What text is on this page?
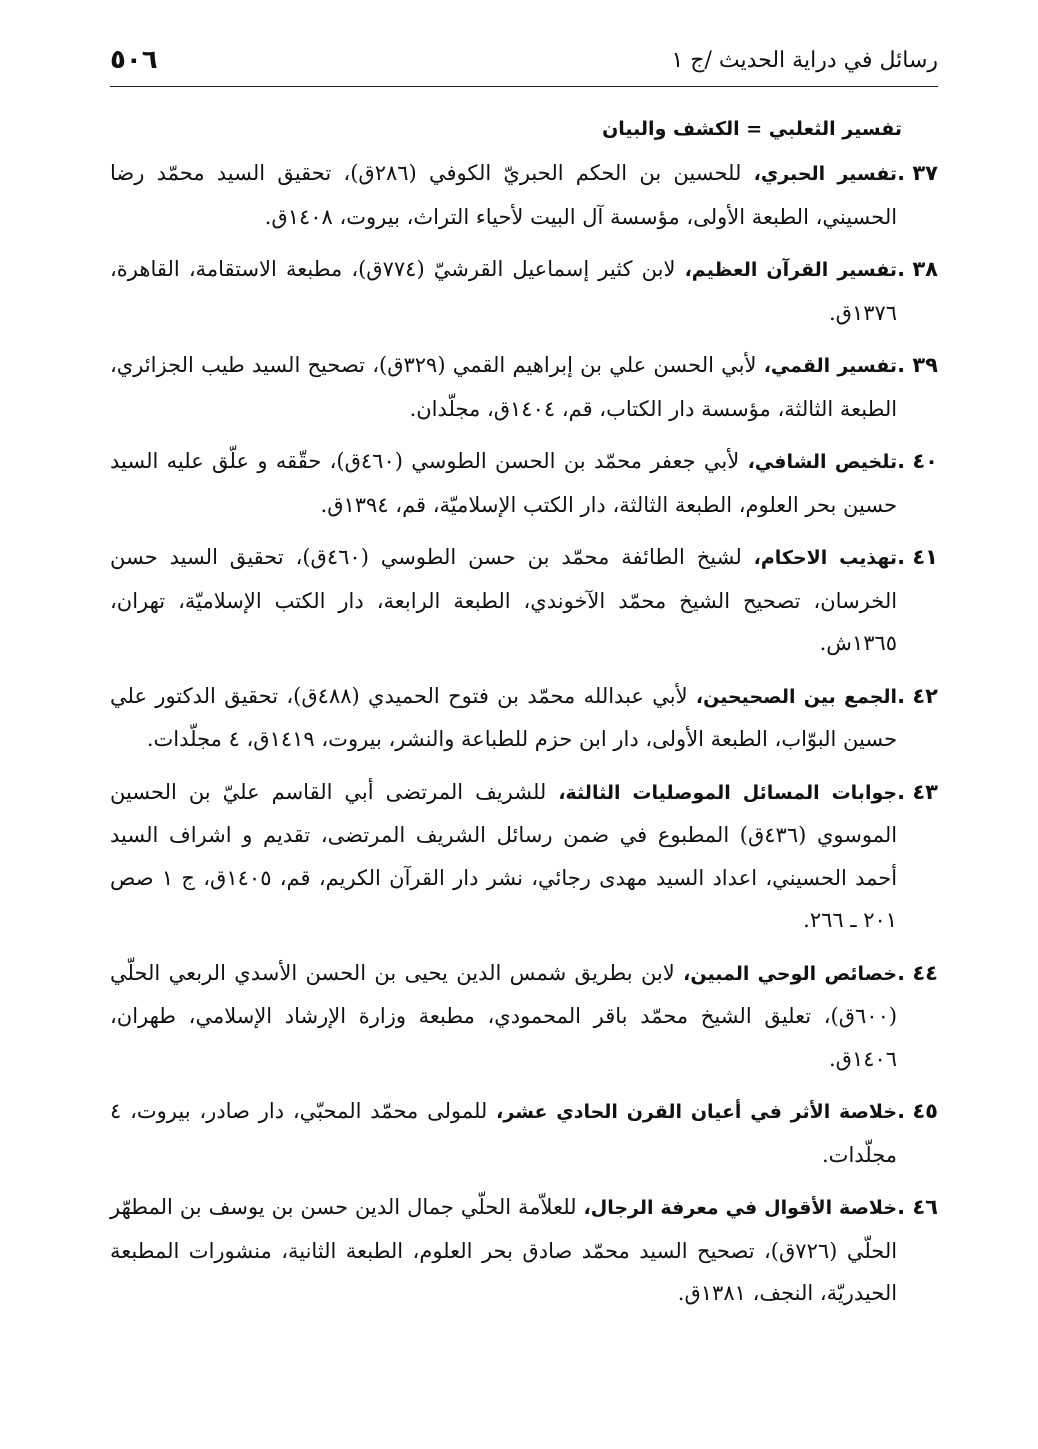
رسائل في دراية الحديث /ج ١
٥٠٦
تفسير الثعلبي = الكشف والبيان
٣٧ .
تفسير الحبري، للحسين بن الحكم الحبريّ الكوفي (٢٨٦ق)، تحقيق السيد محمّد رضا الحسيني، الطبعة الأولى، مؤسسة آل البيت لأحياء التراث، بيروت، ١٤٠٨ق.
٣٨ .
تفسير القرآن العظيم، لابن كثير إسماعيل القرشيّ (٧٧٤ق)، مطبعة الاستقامة، القاهرة، ١٣٧٦ق.
٣٩ .
تفسير القمي، لأبي الحسن علي بن إبراهيم القمي (٣٢٩ق)، تصحيح السيد طيب الجزائري، الطبعة الثالثة، مؤسسة دار الكتاب، قم، ١٤٠٤ق، مجلّدان.
٤٠ .
تلخيص الشافي، لأبي جعفر محمّد بن الحسن الطوسي (٤٦٠ق)، حقّقه و علّق عليه السيد حسين بحر العلوم، الطبعة الثالثة، دار الكتب الإسلاميّة، قم، ١٣٩٤ق.
٤١ .
تهذيب الاحكام، لشيخ الطائفة محمّد بن حسن الطوسي (٤٦٠ق)، تحقيق السيد حسن الخرسان، تصحيح الشيخ محمّد الآخوندي، الطبعة الرابعة، دار الكتب الإسلاميّة، تهران، ١٣٦٥ش.
٤٢ .
الجمع بين الصحيحين، لأبي عبدالله محمّد بن فتوح الحميدي (٤٨٨ق)، تحقيق الدكتور علي حسين البوّاب، الطبعة الأولى، دار ابن حزم للطباعة والنشر، بيروت، ١٤١٩ق، ٤ مجلّدات.
٤٣ .
جوابات المسائل الموصليات الثالثة، للشريف المرتضى أبي القاسم عليّ بن الحسين الموسوي (٤٣٦ق) المطبوع في ضمن رسائل الشريف المرتضى، تقديم و اشراف السيد أحمد الحسيني، اعداد السيد مهدى رجائي، نشر دار القرآن الكريم، قم، ١٤٠٥ق، ج ١ صص ٢٠١ ـ ٢٦٦.
٤٤ .
خصائص الوحي المبين، لابن بطريق شمس الدين يحيى بن الحسن الأسدي الربعي الحلّي (٦٠٠ق)، تعليق الشيخ محمّد باقر المحمودي، مطبعة وزارة الإرشاد الإسلامي، طهران، ١٤٠٦ق.
٤٥ .
خلاصة الأثر في أعيان القرن الحادي عشر، للمولى محمّد المحبّي، دار صادر، بيروت، ٤ مجلّدات.
٤٦ .
خلاصة الأقوال في معرفة الرجال، للعلاّمة الحلّي جمال الدين حسن بن يوسف بن المطهّر الحلّي (٧٢٦ق)، تصحيح السيد محمّد صادق بحر العلوم، الطبعة الثانية، منشورات المطبعة الحيدريّة، النجف، ١٣٨١ق.
